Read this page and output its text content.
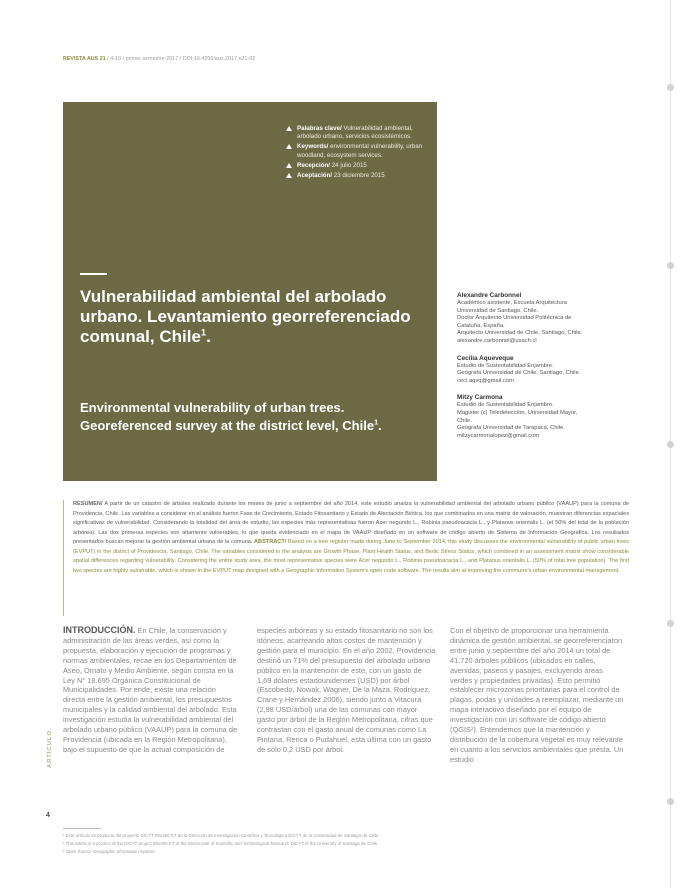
REVISTA AUS 21 / 4-10 / primer semestre 2017 / DOI:10.4206/aus.2017.n21-02
Palabras clave/ Vulnerabilidad ambiental, arbolado urbano, servicios ecosistémicos.
Keywords/ environmental vulnerability, urban woodland, ecosystem services.
Recepción/ 24 julio 2015
Aceptación/ 23 diciembre 2015
Vulnerabilidad ambiental del arbolado urbano. Levantamiento georreferenciado comunal, Chile$^1$.
Environmental vulnerability of urban trees. Georeferenced survey at the district level, Chile$^1$.
Alexandre Carbonnel
Académico asistente, Escuela Arquitectura
Universidad de Santiago, Chile.
Doctor Arquitecto Universidad Politécnica de
Cataluña, España.
Arquitecto Universidad de Chile, Santiago, Chile.
alexandre.carbonnel@usach.cl
Cecilia Aqueveque
Estudio de Sustentabilidad Enjambre.
Geógrafa Universidad de Chile, Santiago, Chile.
ceci.aqvq@gmail.com
Mitzy Carmona
Estudio de Sustentabilidad Enjambre.
Magister (c) Teledetección, Universidad Mayor,
Chile.
Geógrafa Universidad de Tarapacá, Chile.
mitzycarmonalopez@gmail.com

RESUMEN/ A partir de un catastro de árboles realizado durante los meses de junio a septiembre del año 2014, este estudio analiza la vulnerabilidad ambiental del arbolado urbano público (VAAUP) para la comuna de Providencia, Chile. Las variables a considerar en el análisis fueron Fase de Crecimiento, Estado Fitosanitario y Estado de Afectación Biótica, los que combinados en una matriz de valoración, muestran diferencias espaciales significativas de vulnerabilidad. Considerando la totalidad del área de estudio, las especies más representativas fueron Acer negundo L., Robinia pseudoacacia L., y Platanus orientalis L. (el 50% del total de la población arbórea). Las dos primeras especies son altamente vulnerables, lo que queda evidenciado en el mapa de VAAUP diseñado en un software de código abierto de Sistema de Información Geográfica. Los resultados presentados buscan mejorar la gestión ambiental urbana de la comuna. ABSTRACT/ Based on a tree register made during June to September 2014, this study discusses the environmental vulnerability of public urban trees (EVPUT) in the district of Providencia, Santiago, Chile. The variables considered in the analysis are Growth Phase, Plant Health Status, and Biotic Stress Status, which combined in an assessment matrix show considerable spatial differences regarding vulnerability. Considering the entire study area, the most representative species were Acer negundo L., Robinia pseudoacacia L., and Platanus orientalis L. (50% of total tree population). The first two species are highly vulnerable, which is shown in the EVPUT map designed with a Geographic Information System's open code software. The results aim at improving the commune's urban environmental management.

INTRODUCCIÓN. En Chile, la conservación y administración de las áreas verdes, así como la propuesta, elaboración y ejecución de programas y normas ambientales, recae en los Departamentos de Aseo, Ornato y Medio Ambiente, según consta en la Ley N° 18.695 Orgánica Constitucional de Municipalidades. Por ende, existe una relación directa entre la gestión ambiental, los presupuestos municipales y la calidad ambiental del arbolado. Esta investigación estudia la vulnerabilidad ambiental del arbolado urbano público (VAAUP) para la comuna de Providencia (ubicada en la Región Metropolitana), bajo el supuesto de que la actual composición de
especies arbóreas y su estado fitosanitario no son los idóneos, acarreando altos costos de mantención y gestión para el municipio. En el año 2002, Providencia destinó un 71% del presupuesto del arbolado urbano público en la mantención de este, con un gasto de 1,69 dólares estadounidenses (USD) por árbol (Escobedo, Nowak, Wagner, De la Maza, Rodríguez, Crane y Hernández 2006), siendo junto a Vitacura (2,98 USD/árbol) una de las comunas con mayor gasto por árbol de la Región Metropolitana, cifras que contrastan con el gasto anual de comunas como La Pintana, Renca o Pudahuel, esta última con un gasto de sólo 0,2 USD por árbol.
Con el objetivo de proporcionar una herramienta dinámica de gestión ambiental, se georreferenciaron entre junio y septiembre del año 2014 un total de 41.720 árboles públicos (ubicados en calles, avenidas, paseos y pasajes, excluyendo áreas verdes y propiedades privadas). Esto permitió establecer microzonas prioritarias para el control de plagas, podas y unidades a reemplazar, mediante un mapa interactivo diseñado por el equipo de investigación con un software de código abierto (QGIS²). Entendemos que la mantención y distribución de la cobertura vegetal es muy relevante en cuanto a los servicios ambientales que presta. Un estudio
ARTÍCULO
4
¹ Este artículo es producto del proyecto DICYT 091490 CT de la Dirección de Investigación Científica y Tecnológica DICYT de la Universidad de Santiago de Chile.
¹ This article is a product of the DICYT project 091490 CT of the Directorate of Scientific and Technological Research DICYT of the University of Santiago de Chile.
² Open Source Geographic Information System.
